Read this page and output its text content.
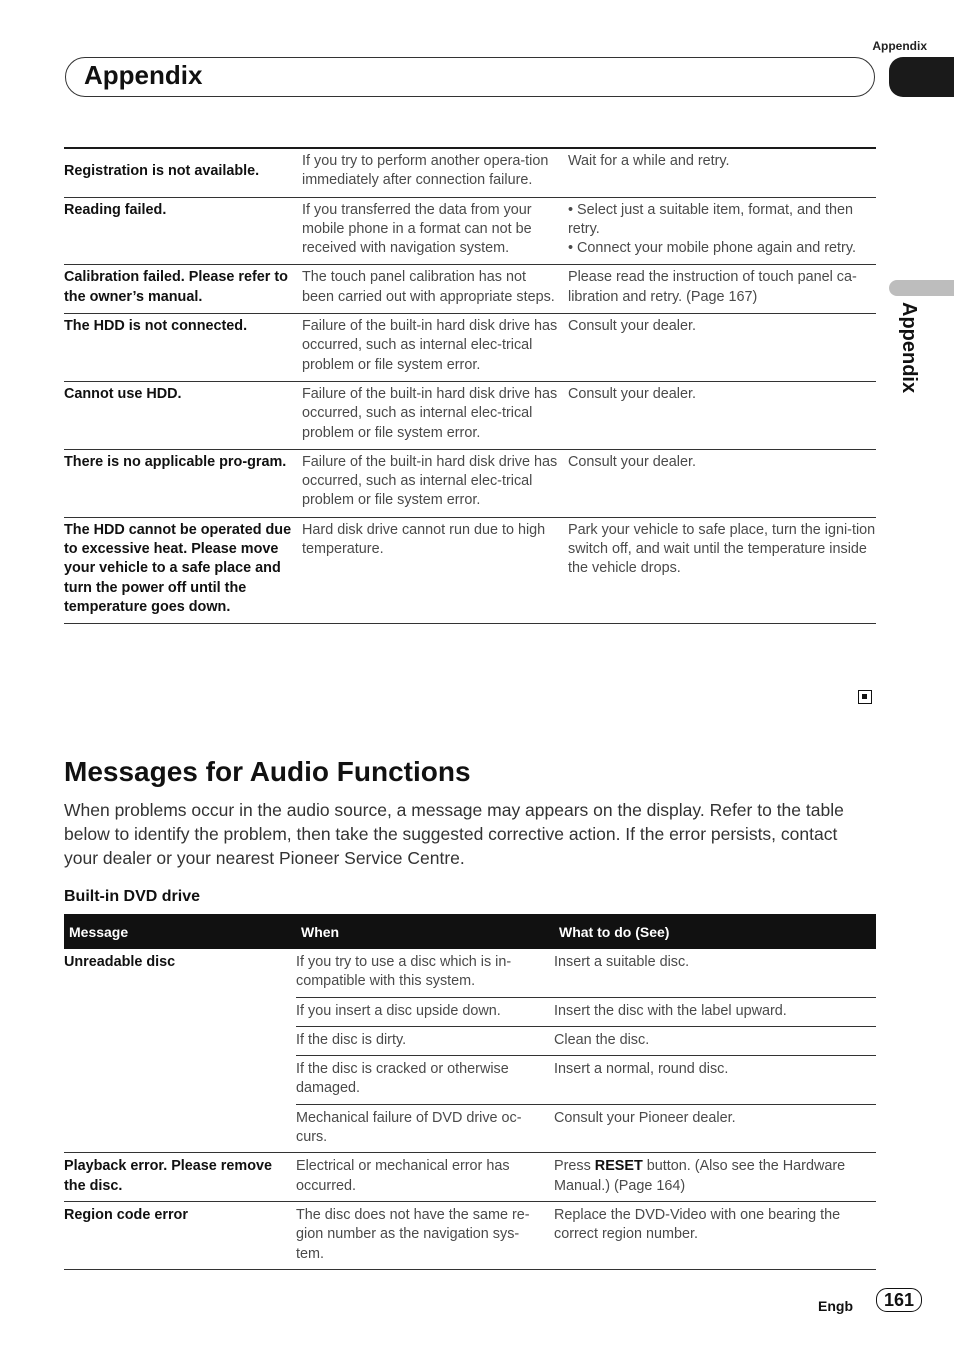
Appendix
Appendix
Appendix
Registration is not available.	If you try to perform another opera-tion immediately after connection failure.	Wait for a while and retry.
Reading failed.	If you transferred the data from your mobile phone in a format can not be received with navigation system.	• Select just a suitable item, format, and then retry.
• Connect your mobile phone again and retry.

Calibration failed. Please refer to the owner’s manual.	The touch panel calibration has not been carried out with appropriate steps.	Please read the instruction of touch panel ca-libration and retry. (Page 167)
The HDD is not connected.	Failure of the built-in hard disk drive has occurred, such as internal elec-trical problem or file system error.	Consult your dealer.
Cannot use HDD.	Failure of the built-in hard disk drive has occurred, such as internal elec-trical problem or file system error.	Consult your dealer.
There is no applicable pro-gram.	Failure of the built-in hard disk drive has occurred, such as internal elec-trical problem or file system error.	Consult your dealer.
The HDD cannot be operated due to excessive heat. Please move your vehicle to a safe place and turn the power off until the temperature goes down.	Hard disk drive cannot run due to high temperature.	Park your vehicle to safe place, turn the igni-tion switch off, and wait until the temperature inside the vehicle drops.
Messages for Audio Functions
When problems occur in the audio source, a message may appears on the display. Refer to the table below to identify the problem, then take the suggested corrective action. If the error persists, contact your dealer or your nearest Pioneer Service Centre.
Built-in DVD drive
Message	When	What to do (See)
Unreadable disc	If you try to use a disc which is in-compatible with this system.	Insert a suitable disc.
	If you insert a disc upside down.	Insert the disc with the label upward.
	If the disc is dirty.	Clean the disc.
	If the disc is cracked or otherwise damaged.	Insert a normal, round disc.
	Mechanical failure of DVD drive oc-curs.	Consult your Pioneer dealer.
Playback error. Please remove the disc.	Electrical or mechanical error has occurred.	Press RESET button. (Also see the Hardware Manual.) (Page 164)
Region code error	The disc does not have the same re-gion number as the navigation sys-tem.	Replace the DVD-Video with one bearing the correct region number.
Engb	161
